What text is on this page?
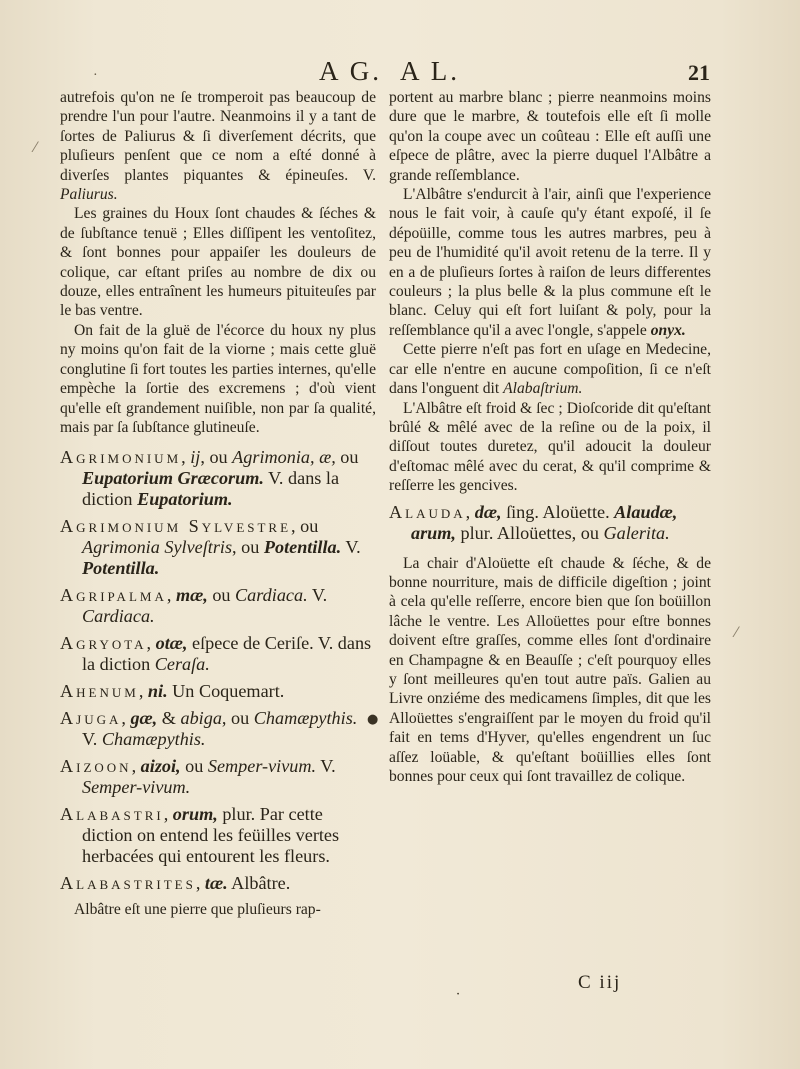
·	A G. A L.	21

autrefois qu'on ne ſe tromperoit pas beaucoup de prendre l'un pour l'autre. Neanmoins il y a tant de ſortes de Paliurus & ſi diverſement décrits, que pluſieurs penſent que ce nom a eſté donné à diverſes plantes piquantes & épineuſes. V. Paliurus.

Les graines du Houx ſont chaudes & ſéches & de ſubſtance tenuë ; Elles diſſipent les ventoſitez, & ſont bonnes pour appaiſer les douleurs de colique, car eſtant priſes au nombre de dix ou douze, elles entraînent les humeurs pituiteuſes par le bas ventre.

On fait de la gluë de l'écorce du houx ny plus ny moins qu'on fait de la viorne ; mais cette gluë conglutine ſi fort toutes les parties internes, qu'elle empèche la ſortie des excremens ; d'où vient qu'elle eſt grandement nuiſible, non par ſa qualité, mais par ſa ſubſtance glutineuſe.

Agrimonium, ij, ou Agrimonia, æ, ou Eupatorium Græcorum. V. dans la diction Eupatorium.
Agrimonium Sylvestre, ou Agrimonia Sylveſtris, ou Potentilla. V. Potentilla.
Agripalma, mæ, ou Cardiaca. V. Cardiaca.
Agryota, otæ, eſpece de Ceriſe. V. dans la diction Ceraſa.
Ahenum, ni. Un Coquemart.
Ajuga, gæ, & abiga, ou Chamæpythis. V. Chamæpythis.
Aizoon, aizoi, ou Semper-vivum. V. Semper-vivum.
Alabastri, orum, plur. Par cette diction on entend les feüilles vertes herbacées qui entourent les fleurs.
Alabastrites, tæ. Albâtre.

Albâtre eſt une pierre que pluſieurs rap-

portent au marbre blanc ; pierre neanmoins moins dure que le marbre, & toutefois elle eſt ſi molle qu'on la coupe avec un coûteau : Elle eſt auſſi une eſpece de plâtre, avec la pierre duquel l'Albâtre a grande reſſemblance.

L'Albâtre s'endurcit à l'air, ainſi que l'experience nous le fait voir, à cauſe qu'y étant expoſé, il ſe dépoüille, comme tous les autres marbres, peu à peu de l'humidité qu'il avoit retenu de la terre. Il y en a de pluſieurs ſortes à raiſon de leurs differentes couleurs ; la plus belle & la plus commune eſt le blanc. Celuy qui eſt fort luiſant & poly, pour la reſſemblance qu'il a avec l'ongle, s'appele onyx.

Cette pierre n'eſt pas fort en uſage en Medecine, car elle n'entre en aucune compoſition, ſi ce n'eſt dans l'onguent dit Alabaſtrium.

L'Albâtre eſt froid & ſec ; Dioſcoride dit qu'eſtant brûlé & mêlé avec de la reſine ou de la poix, il diſſout toutes duretez, qu'il adoucit la douleur d'eſtomac mêlé avec du cerat, & qu'il comprime & reſſerre les gencives.

Alauda, dæ, ſing. Aloüette. Alaudæ, arum, plur. Alloüettes, ou Galerita.

La chair d'Aloüette eſt chaude & ſéche, & de bonne nourriture, mais de difficile digeſtion ; joint à cela qu'elle reſſerre, encore bien que ſon boüillon lâche le ventre. Les Alloüettes pour eſtre bonnes doivent eſtre graſſes, comme elles ſont d'ordinaire en Champagne & en Beauſſe ; c'eſt pourquoy elles y ſont meilleures qu'en tout autre païs. Galien au Livre onziéme des medicamens ſimples, dit que les Alloüettes s'engraiſſent par le moyen du froid qu'il fait en tems d'Hyver, qu'elles engendrent un ſuc aſſez loüable, & qu'eſtant boüillies elles ſont bonnes pour ceux qui ſont travaillez de colique.

C iij
⁄
⁄
●
·
